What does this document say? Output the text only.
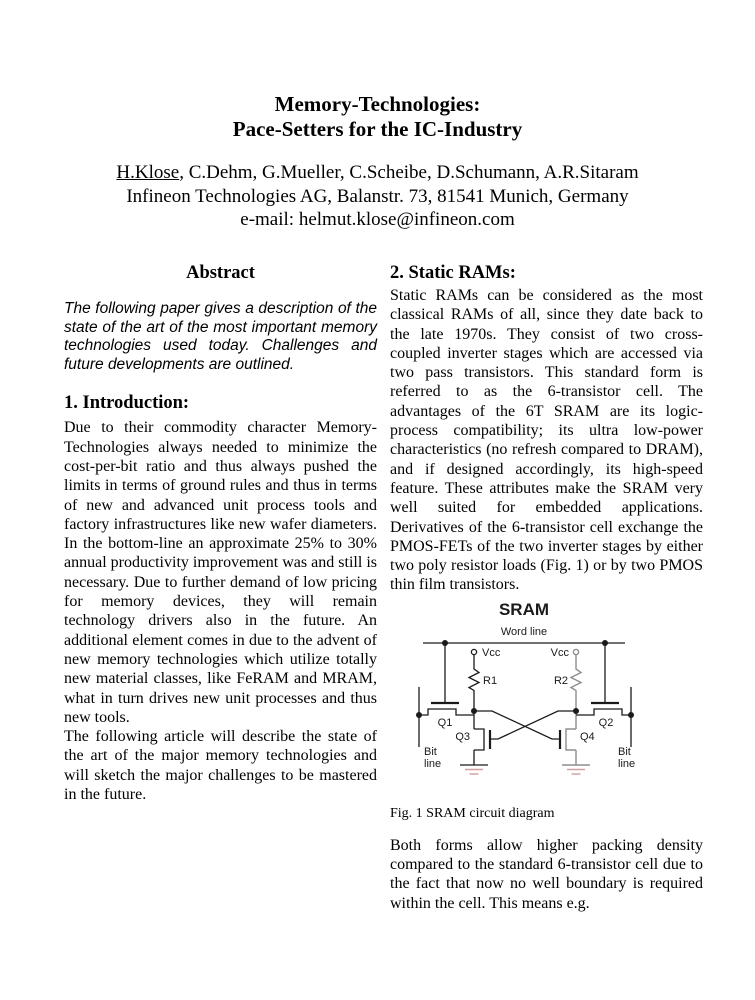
Memory-Technologies:
Pace-Setters for the IC-Industry
H.Klose, C.Dehm, G.Mueller, C.Scheibe, D.Schumann, A.R.Sitaram
Infineon Technologies AG, Balanstr. 73, 81541 Munich, Germany
e-mail: helmut.klose@infineon.com
Abstract

The following paper gives a description of the state of the art of the most important memory technologies used today. Challenges and future developments are outlined.

1. Introduction:

Due to their commodity character Memory-Technologies always needed to minimize the cost-per-bit ratio and thus always pushed the limits in terms of ground rules and thus in terms of new and advanced unit process tools and factory infrastructures like new wafer diameters. In the bottom-line an approximate 25% to 30% annual productivity improvement was and still is necessary. Due to further demand of low pricing for memory devices, they will remain technology drivers also in the future. An additional element comes in due to the advent of new memory technologies which utilize totally new material classes, like FeRAM and MRAM, what in turn drives new unit processes and thus new tools.

The following article will describe the state of the art of the major memory technologies and will sketch the major challenges to be mastered in the future.

2. Static RAMs:

Static RAMs can be considered as the most classical RAMs of all, since they date back to the late 1970s. They consist of two cross-coupled inverter stages which are accessed via two pass transistors. This standard form is referred to as the 6-transistor cell. The advantages of the 6T SRAM are its logic-process compatibility; its ultra low-power characteristics (no refresh compared to DRAM), and if designed accordingly, its high-speed feature. These attributes make the SRAM very well suited for embedded applications. Derivatives of the 6-transistor cell exchange the PMOS-FETs of the two inverter stages by either two poly resistor loads (Fig. 1) or by two PMOS thin film transistors.

SRAM
Word line
Vcc
R1
Vcc
R2
Q1
Bit
line
Q2
Bit
line
Q3	Q4
Fig. 1 SRAM circuit diagram

Both forms allow higher packing density compared to the standard 6-transistor cell due to the fact that now no well boundary is required within the cell. This means e.g.
